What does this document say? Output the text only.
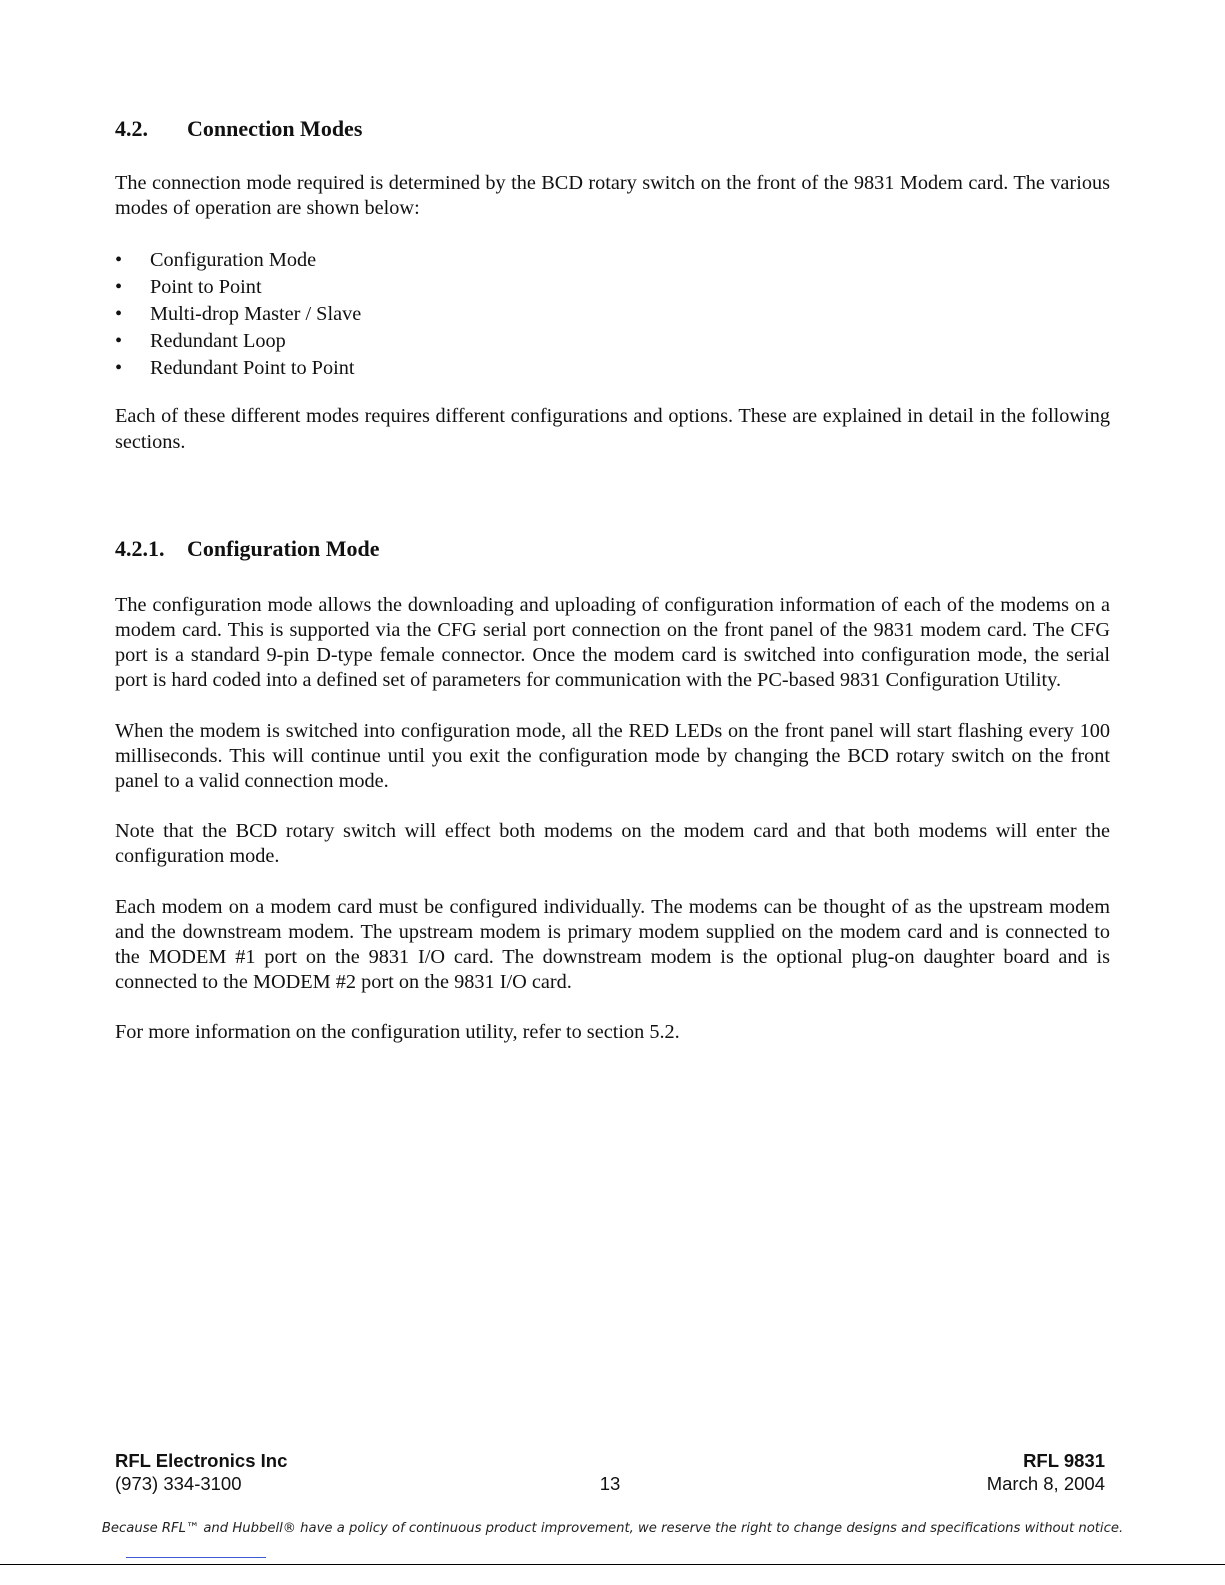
4.2.	Connection Modes

The connection mode required is determined by the BCD rotary switch on the front of the 9831 Modem card. The various modes of operation are shown below:

•	Configuration Mode
•	Point to Point
•	Multi-drop Master / Slave
•	Redundant Loop
•	Redundant Point to Point

Each of these different modes requires different configurations and options. These are explained in detail in the following sections.

4.2.1.	Configuration Mode

The configuration mode allows the downloading and uploading of configuration information of each of the modems on a modem card. This is supported via the CFG serial port connection on the front panel of the 9831 modem card. The CFG port is a standard 9-pin D-type female connector. Once the modem card is switched into configuration mode, the serial port is hard coded into a defined set of parameters for communication with the PC-based 9831 Configuration Utility.

When the modem is switched into configuration mode, all the RED LEDs on the front panel will start flashing every 100 milliseconds. This will continue until you exit the configuration mode by changing the BCD rotary switch on the front panel to a valid connection mode.

Note that the BCD rotary switch will effect both modems on the modem card and that both modems will enter the configuration mode.

Each modem on a modem card must be configured individually. The modems can be thought of as the upstream modem and the downstream modem. The upstream modem is primary modem supplied on the modem card and is connected to the MODEM #1 port on the 9831 I/O card. The downstream modem is the optional plug-on daughter board and is connected to the MODEM #2 port on the 9831 I/O card.

For more information on the configuration utility, refer to section 5.2.

RFL Electronics Inc	RFL 9831
(973) 334-3100	13	March 8, 2004
Because RFL™ and Hubbell® have a policy of continuous product improvement, we reserve the right to change designs and specifications without notice.
